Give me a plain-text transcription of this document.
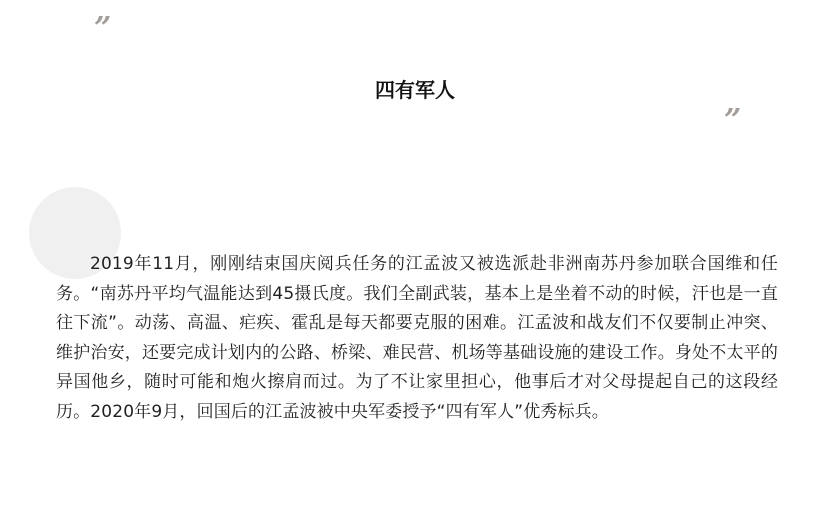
”
四有军人
”

2019年11月，刚刚结束国庆阅兵任务的江孟波又被选派赴非洲南苏丹参加联合国维和任务。“南苏丹平均气温能达到45摄氏度。我们全副武装，基本上是坐着不动的时候，汗也是一直往下流”。动荡、高温、疟疾、霍乱是每天都要克服的困难。江孟波和战友们不仅要制止冲突、维护治安，还要完成计划内的公路、桥梁、难民营、机场等基础设施的建设工作。身处不太平的异国他乡，随时可能和炮火擦肩而过。为了不让家里担心，他事后才对父母提起自己的这段经历。2020年9月，回国后的江孟波被中央军委授予“四有军人”优秀标兵。
